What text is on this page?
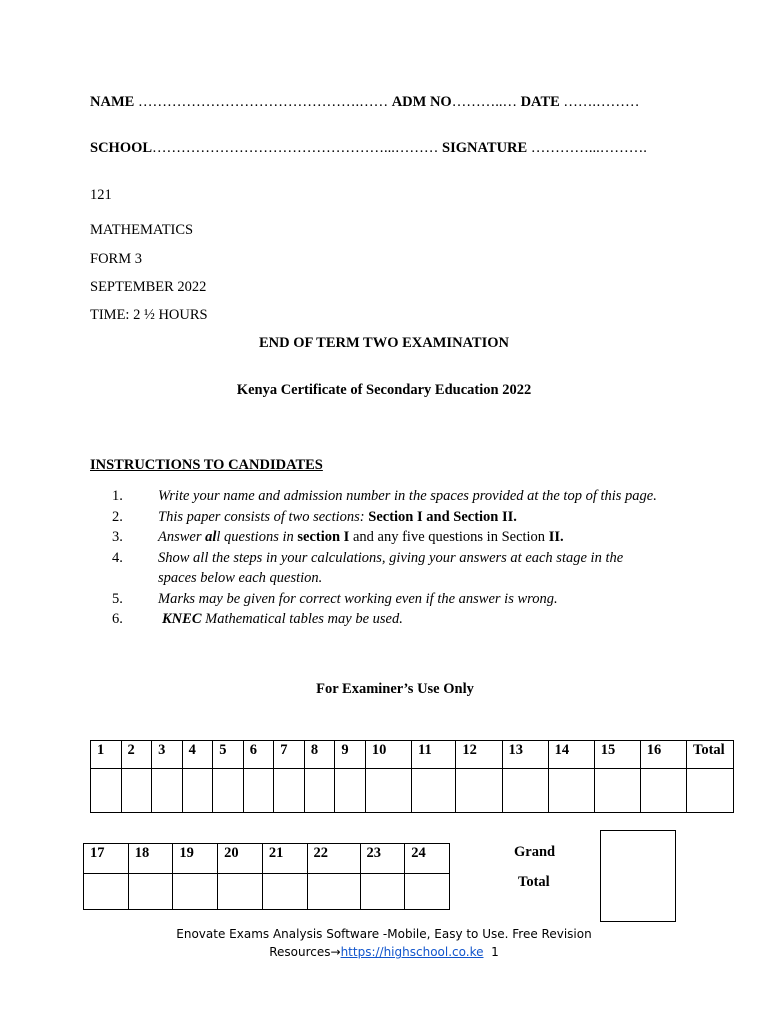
NAME ……………………………………….…… ADM NO………..… DATE …….………
SCHOOL…………………………………………...……… SIGNATURE …………...……….
121
MATHEMATICS
FORM 3
SEPTEMBER 2022
TIME: 2 ½ HOURS
END OF TERM TWO EXAMINATION
Kenya Certificate of Secondary Education 2022
INSTRUCTIONS TO CANDIDATES
1. Write your name and admission number in the spaces provided at the top of this page.
2. This paper consists of two sections: Section I and Section II.
3. Answer all questions in section I and any five questions in Section II.
4. Show all the steps in your calculations, giving your answers at each stage in the spaces below each question.
5. Marks may be given for correct working even if the answer is wrong.
6.	KNEC Mathematical tables may be used.
For Examiner’s Use Only
1	2	3	4	5	6	7	8	9	10	11	12	13	14	15	16	Total

17	18	19	20	21	22	23	24
								Grand
Total
Enovate Exams Analysis Software -Mobile, Easy to Use. Free Revision
Resources→https://highschool.co.ke 1
